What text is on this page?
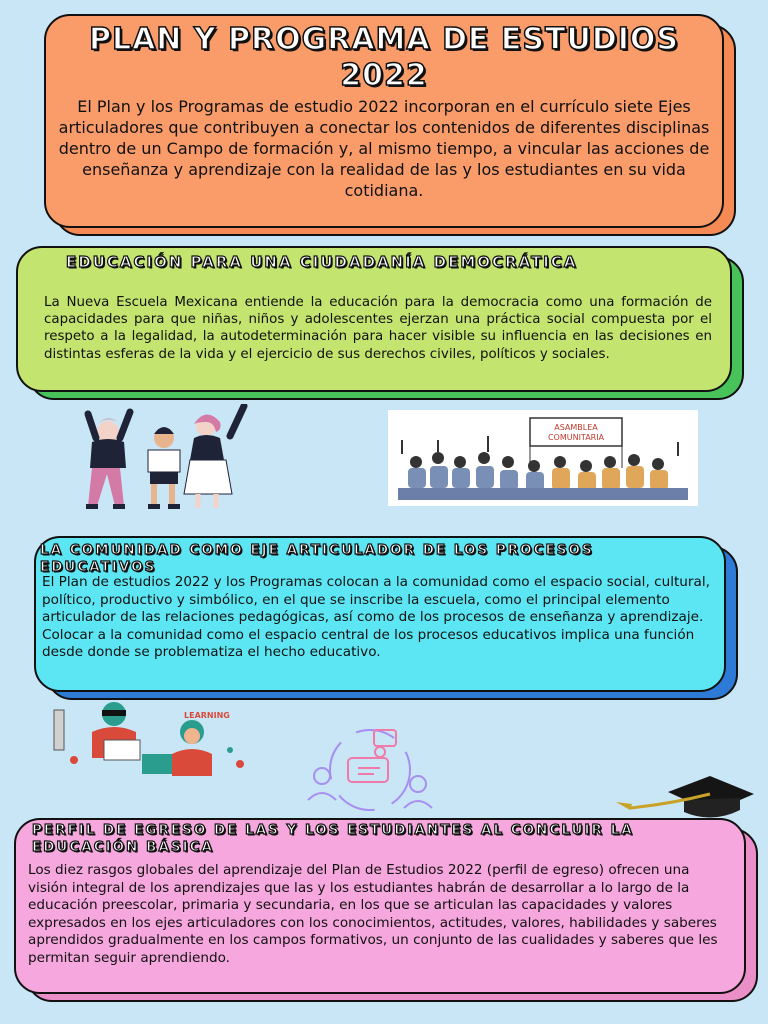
PLAN Y PROGRAMA DE ESTUDIOS 2022
El Plan y los Programas de estudio 2022 incorporan en el currículo siete Ejes articuladores que contribuyen a conectar los contenidos de diferentes disciplinas dentro de un Campo de formación y, al mismo tiempo, a vincular las acciones de enseñanza y aprendizaje con la realidad de las y los estudiantes en su vida cotidiana.
EDUCACIÓN PARA UNA CIUDADANÍA DEMOCRÁTICA
La Nueva Escuela Mexicana entiende la educación para la democracia como una formación de capacidades para que niñas, niños y adolescentes ejerzan una práctica social compuesta por el respeto a la legalidad, la autodeterminación para hacer visible su influencia en las decisiones en distintas esferas de la vida y el ejercicio de sus derechos civiles, políticos y sociales.
ASAMBLEA COMUNITARIA
LA COMUNIDAD COMO EJE ARTICULADOR DE LOS PROCESOS EDUCATIVOS
El Plan de estudios 2022 y los Programas colocan a la comunidad como el espacio social, cultural, político, productivo y simbólico, en el que se inscribe la escuela, como el principal elemento articulador de las relaciones pedagógicas, así como de los procesos de enseñanza y aprendizaje. Colocar a la comunidad como el espacio central de los procesos educativos implica una función desde donde se problematiza el hecho educativo.
LEARNING
PERFIL DE EGRESO DE LAS Y LOS ESTUDIANTES AL CONCLUIR LA EDUCACIÓN BÁSICA
Los diez rasgos globales del aprendizaje del Plan de Estudios 2022 (perfil de egreso) ofrecen una visión integral de los aprendizajes que las y los estudiantes habrán de desarrollar a lo largo de la educación preescolar, primaria y secundaria, en los que se articulan las capacidades y valores expresados en los ejes articuladores con los conocimientos, actitudes, valores, habilidades y saberes aprendidos gradualmente en los campos formativos, un conjunto de las cualidades y saberes que les permitan seguir aprendiendo.
